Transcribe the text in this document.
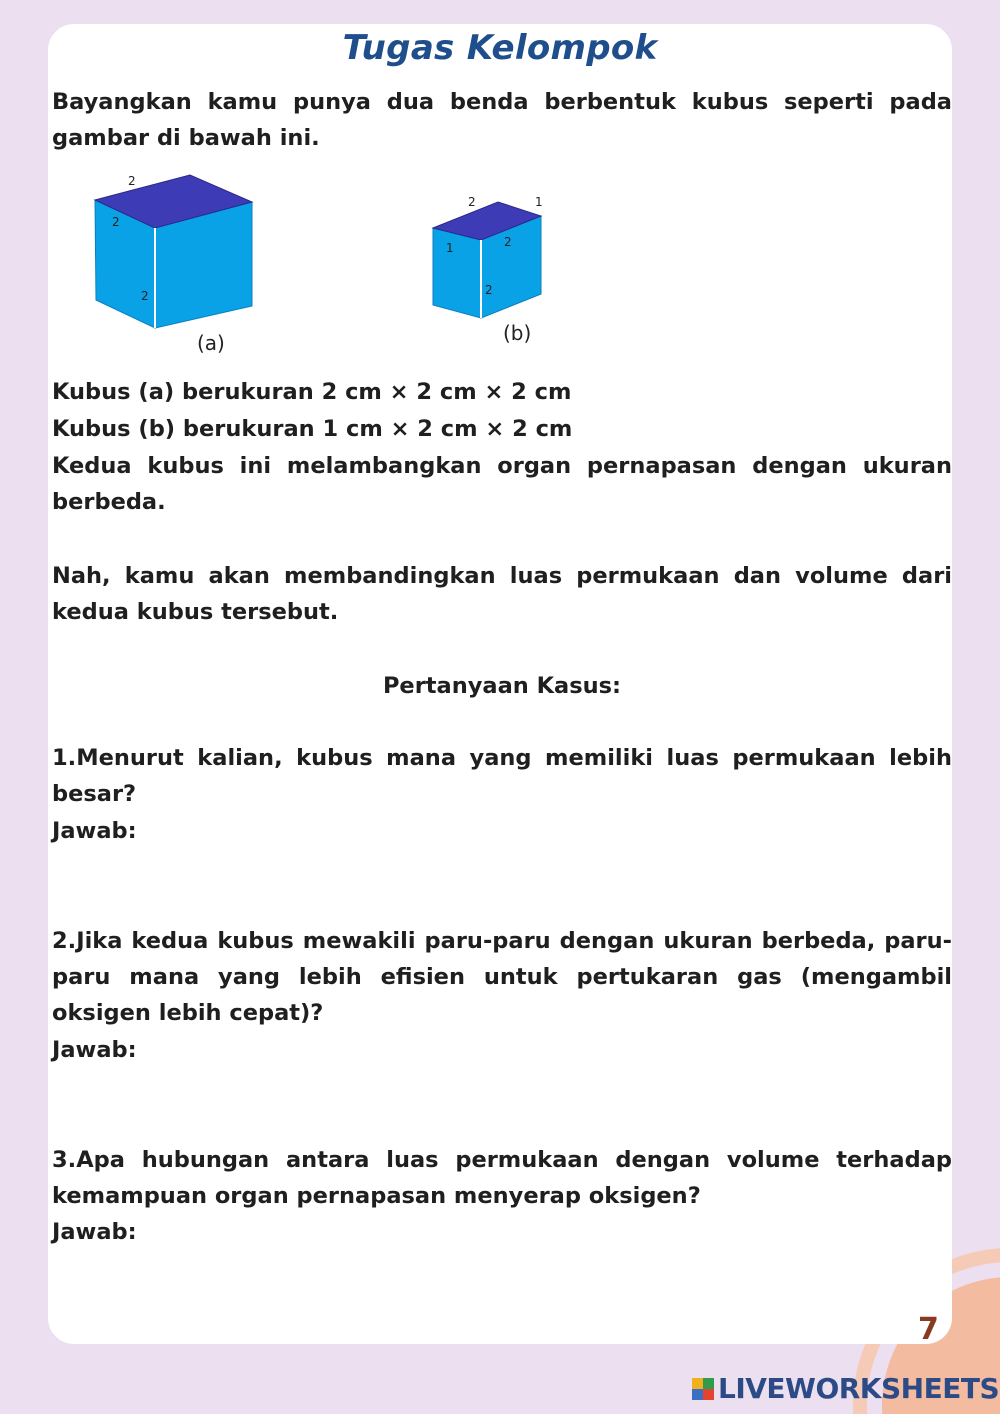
Tugas Kelompok

Bayangkan kamu punya dua benda berbentuk kubus seperti pada gambar di bawah ini.

2
2
2
(a)
2	1
1	2
2
(b)

Kubus (a) berukuran 2 cm × 2 cm × 2 cm

Kubus (b) berukuran 1 cm × 2 cm × 2 cm

Kedua kubus ini melambangkan organ pernapasan dengan ukuran berbeda.

Nah, kamu akan membandingkan luas permukaan dan volume dari kedua kubus tersebut.

Pertanyaan Kasus:

1.Menurut kalian, kubus mana yang memiliki luas permukaan lebih besar?

Jawab:

2.Jika kedua kubus mewakili paru-paru dengan ukuran berbeda, paru-paru mana yang lebih efisien untuk pertukaran gas (mengambil oksigen lebih cepat)?

Jawab:

3.Apa hubungan antara luas permukaan dengan volume terhadap kemampuan organ pernapasan menyerap oksigen?

Jawab:

7
LIVEWORKSHEETS
